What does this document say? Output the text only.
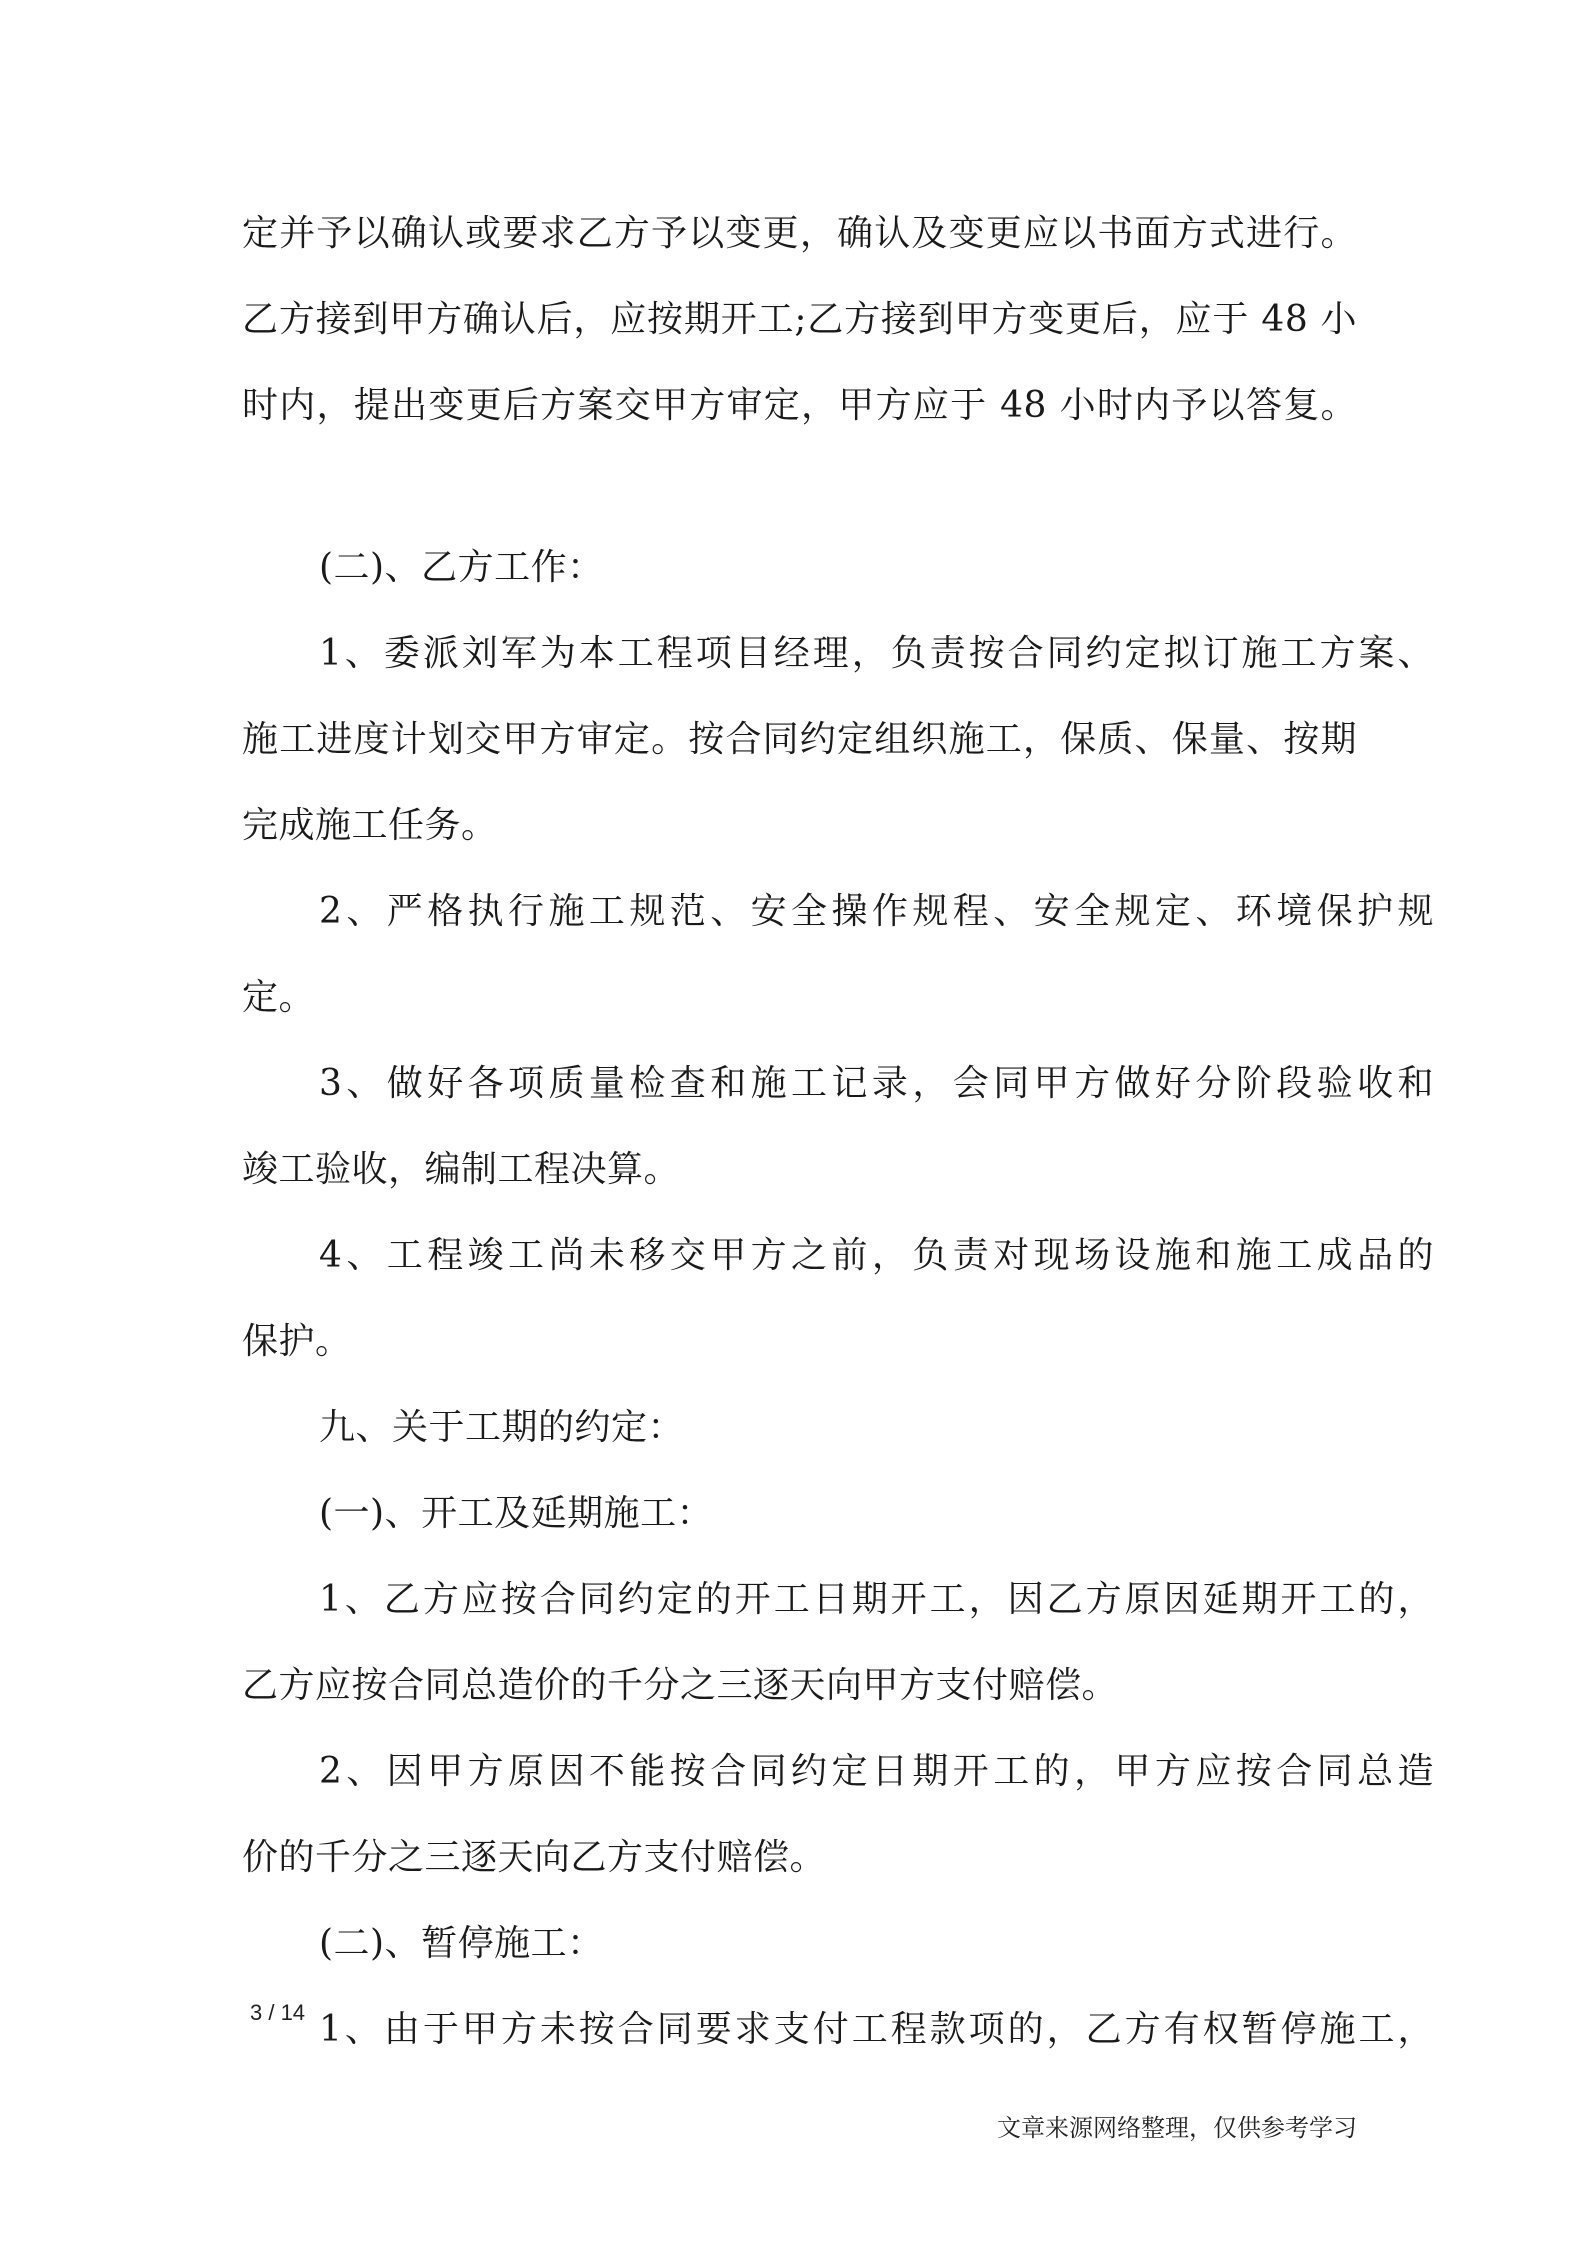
定并予以确认或要求乙方予以变更，确认及变更应以书面方式进行。
乙方接到甲方确认后，应按期开工;乙方接到甲方变更后，应于 48 小
时内，提出变更后方案交甲方审定，甲方应于 48 小时内予以答复。
(二)、乙方工作：
1、委派刘军为本工程项目经理，负责按合同约定拟订施工方案、
施工进度计划交甲方审定。按合同约定组织施工，保质、保量、按期
完成施工任务。
2、严格执行施工规范、安全操作规程、安全规定、环境保护规
定。
3、做好各项质量检查和施工记录，会同甲方做好分阶段验收和
竣工验收，编制工程决算。
4、工程竣工尚未移交甲方之前，负责对现场设施和施工成品的
保护。
九、关于工期的约定：
(一)、开工及延期施工：
1、乙方应按合同约定的开工日期开工，因乙方原因延期开工的，
乙方应按合同总造价的千分之三逐天向甲方支付赔偿。
2、因甲方原因不能按合同约定日期开工的，甲方应按合同总造
价的千分之三逐天向乙方支付赔偿。
(二)、暂停施工：
1、由于甲方未按合同要求支付工程款项的，乙方有权暂停施工，
3 / 14
文章来源网络整理，仅供参考学习
